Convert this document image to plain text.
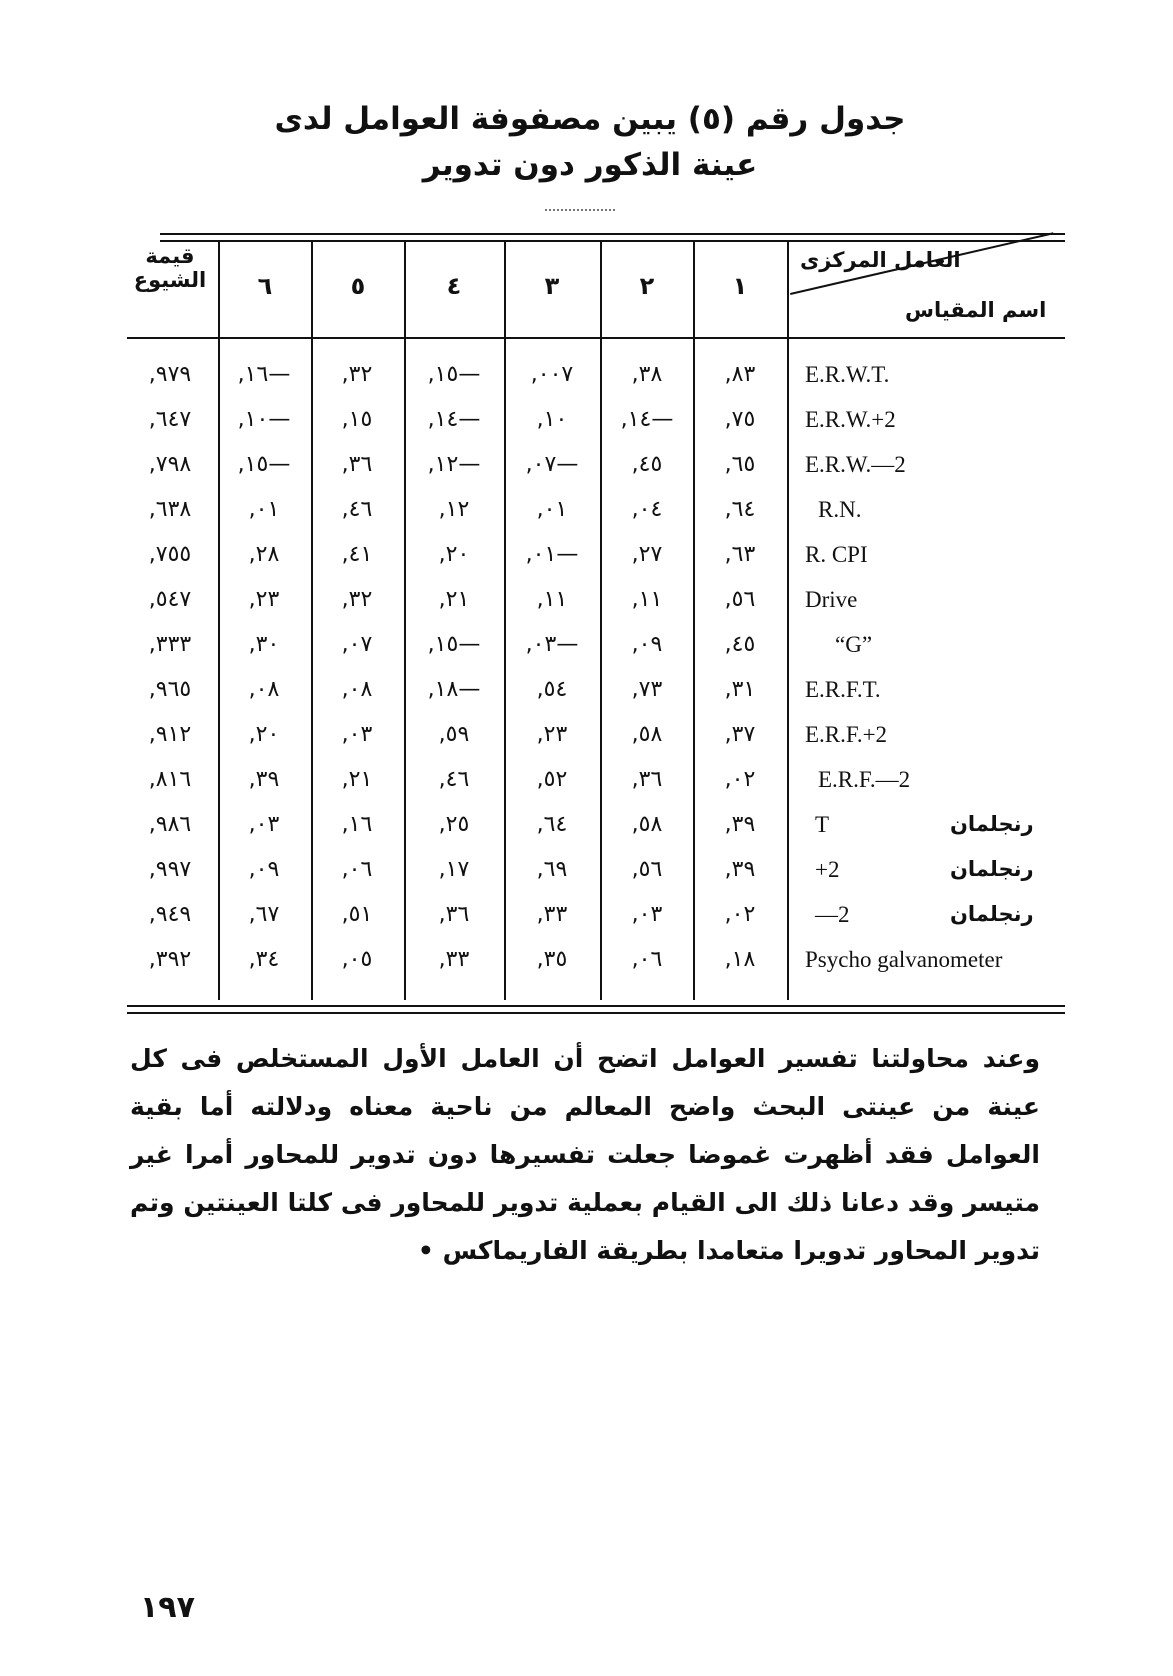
جدول رقم (٥) يبين مصفوفة العوامل لدى
عينة الذكور دون تدوير
قيمة
الشيوع	٦	٥	٤	٣	٢	١
العامل المركزى
اسم المقياس
,٩٧٩	,١٦—	,٣٢	,١٥—	,٠٠٧	,٣٨	,٨٣	E.R.W.T.
,٦٤٧	,١٠—	,١٥	,١٤—	,١٠	,١٤—	,٧٥	E.R.W.+2
,٧٩٨	,١٥—	,٣٦	,١٢—	,٠٧—	,٤٥	,٦٥	E.R.W.—2
,٦٣٨	,٠١	,٤٦	,١٢	,٠١	,٠٤	,٦٤	R.N.
,٧٥٥	,٢٨	,٤١	,٢٠	,٠١—	,٢٧	,٦٣	R. CPI
,٥٤٧	,٢٣	,٣٢	,٢١	,١١	,١١	,٥٦	Drive
,٣٣٣	,٣٠	,٠٧	,١٥—	,٠٣—	,٠٩	,٤٥	“G”
,٩٦٥	,٠٨	,٠٨	,١٨—	,٥٤	,٧٣	,٣١	E.R.F.T.
,٩١٢	,٢٠	,٠٣	,٥٩	,٢٣	,٥٨	,٣٧	E.R.F.+2
,٨١٦	,٣٩	,٢١	,٤٦	,٥٢	,٣٦	,٠٢	E.R.F.—2
,٩٨٦	,٠٣	,١٦	,٢٥	,٦٤	,٥٨	,٣٩	T	رنجلمان
,٩٩٧	,٠٩	,٠٦	,١٧	,٦٩	,٥٦	,٣٩	+2	رنجلمان
,٩٤٩	,٦٧	,٥١	,٣٦	,٣٣	,٠٣	,٠٢	—2	رنجلمان
,٣٩٢	,٣٤	,٠٥	,٣٣	,٣٥	,٠٦	,١٨	Psycho galvanometer
وعند محاولتنا تفسير العوامل اتضح أن العامل الأول المستخلص فى كل عينة من عينتى البحث واضح المعالم من ناحية معناه ودلالته أما بقية العوامل فقد أظهرت غموضا جعلت تفسيرها دون تدوير للمحاور أمرا غير متيسر وقد دعانا ذلك الى القيام بعملية تدوير للمحاور فى كلتا العينتين وتم تدوير المحاور تدويرا متعامدا بطريقة الفاريماكس •
١٩٧
